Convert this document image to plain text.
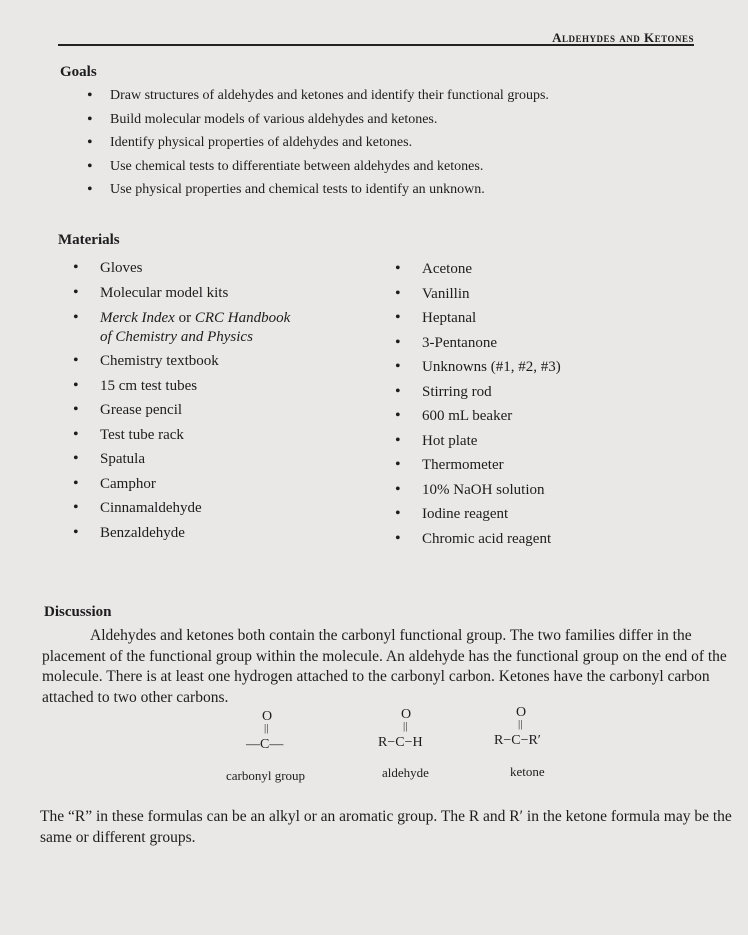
Aldehydes and Ketones
Goals
• Draw structures of aldehydes and ketones and identify their functional groups.
• Build molecular models of various aldehydes and ketones.
• Identify physical properties of aldehydes and ketones.
• Use chemical tests to differentiate between aldehydes and ketones.
• Use physical properties and chemical tests to identify an unknown.
Materials
• Gloves
• Molecular model kits
• Merck Index or CRC Handbook
of Chemistry and Physics
• Chemistry textbook
• 15 cm test tubes
• Grease pencil
• Test tube rack
• Spatula
• Camphor
• Cinnamaldehyde
• Benzaldehyde
• Acetone
• Vanillin
• Heptanal
• 3-Pentanone
• Unknowns (#1, #2, #3)
• Stirring rod
• 600 mL beaker
• Hot plate
• Thermometer
• 10% NaOH solution
• Iodine reagent
• Chromic acid reagent
Discussion

Aldehydes and ketones both contain the carbonyl functional group. The two families differ in the placement of the functional group within the molecule. An aldehyde has the functional group on the end of the molecule. There is at least one hydrogen attached to the carbonyl carbon. Ketones have the carbonyl carbon attached to two other carbons.

O
||
—C—
carbonyl group
O
||
R−C−H
aldehyde
O
||
R−C−R′
ketone

The “R” in these formulas can be an alkyl or an aromatic group. The R and R′ in the ketone formula may be the same or different groups.
